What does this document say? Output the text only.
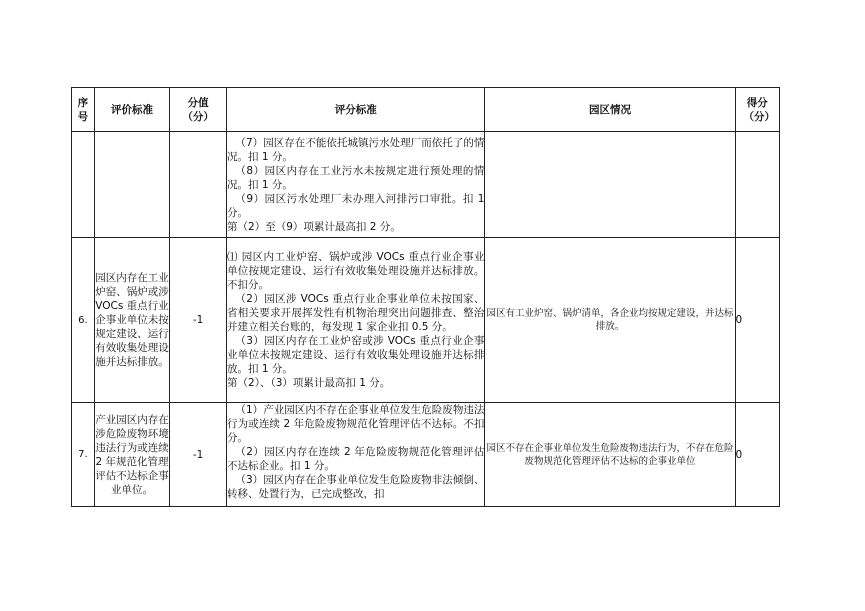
序号	评价标准	分值（分）	评分标准	园区情况	得分（分）

			（7）园区存在不能依托城镇污水处理厂而依托了的情况。扣 1 分。
（8）园区内存在工业污水未按规定进行预处理的情况。扣 1 分。
（9）园区污水处理厂未办理入河排污口审批。扣 1 分。
第（2）至（9）项累计最高扣 2 分。		

6.	园区内存在工业炉窑、锅炉或涉 VOCs 重点行业企事业单位未按规定建设、运行有效收集处理设施并达标排放。	-1	⑴ 园区内工业炉窑、锅炉或涉 VOCs 重点行业企事业单位按规定建设、运行有效收集处理设施并达标排放。不扣分。
（2）园区涉 VOCs 重点行业企事业单位未按国家、省相关要求开展挥发性有机物治理突出问题排查、整治并建立相关台账的，每发现 1 家企业扣 0.5 分。
（3）园区内存在工业炉窑或涉 VOCs 重点行业企事业单位未按规定建设、运行有效收集处理设施并达标排放。扣 1 分。
第（2）、（3）项累计最高扣 1 分。	园区有工业炉窑、锅炉清单，各企业均按规定建设，并达标排放。	0
7.	产业园区内存在涉危险废物环境违法行为或连续 2 年规范化管理评估不达标企事业单位。	-1	（1）产业园区内不存在企事业单位发生危险废物违法行为或连续 2 年危险废物规范化管理评估不达标。不扣分。
（2）园区内存在连续 2 年危险废物规范化管理评估不达标企业。扣 1 分。
（3）园区内存在企事业单位发生危险废物非法倾倒、转移、处置行为，已完成整改，扣	园区不存在企事业单位发生危险废物违法行为，不存在危险废物规范化管理评估不达标的企事业单位	0
